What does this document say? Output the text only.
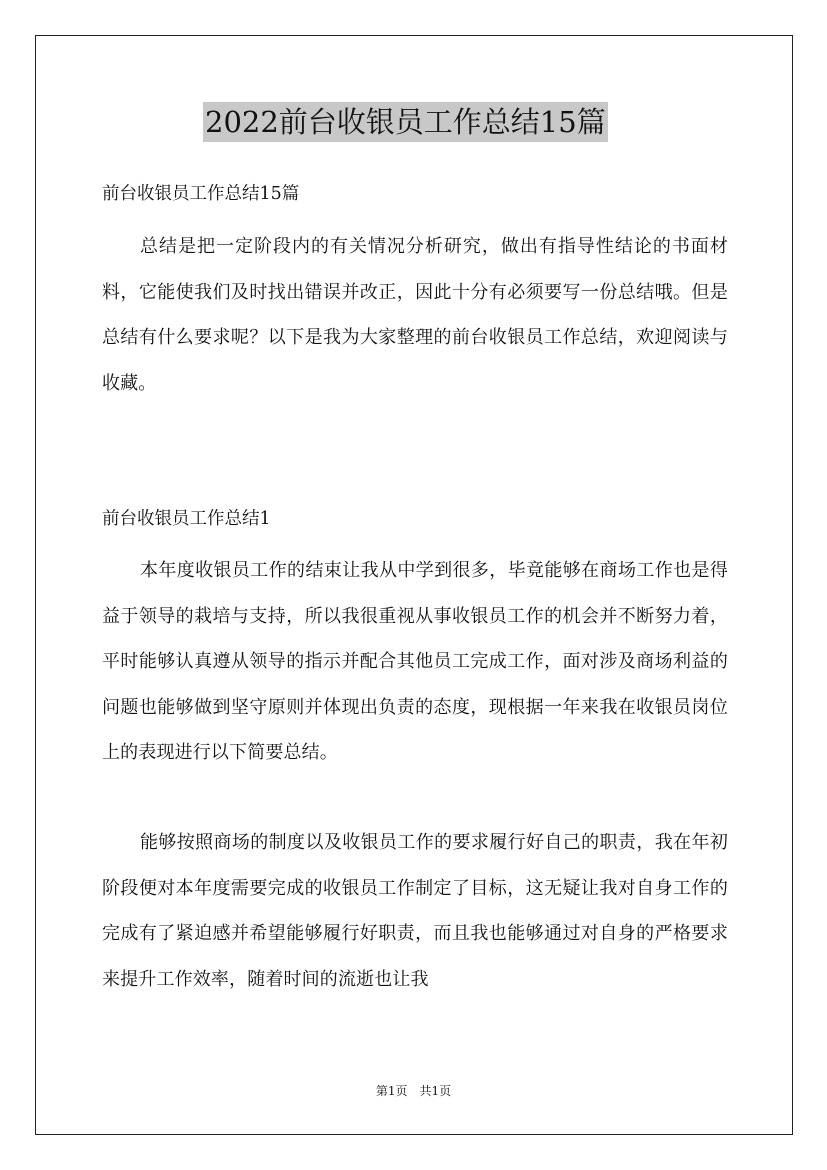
2022前台收银员工作总结15篇
前台收银员工作总结15篇
总结是把一定阶段内的有关情况分析研究，做出有指导性结论的书面材料，它能使我们及时找出错误并改正，因此十分有必须要写一份总结哦。但是总结有什么要求呢？以下是我为大家整理的前台收银员工作总结，欢迎阅读与收藏。
前台收银员工作总结1
本年度收银员工作的结束让我从中学到很多，毕竟能够在商场工作也是得益于领导的栽培与支持，所以我很重视从事收银员工作的机会并不断努力着，平时能够认真遵从领导的指示并配合其他员工完成工作，面对涉及商场利益的问题也能够做到坚守原则并体现出负责的态度，现根据一年来我在收银员岗位上的表现进行以下简要总结。
能够按照商场的制度以及收银员工作的要求履行好自己的职责，我在年初阶段便对本年度需要完成的收银员工作制定了目标，这无疑让我对自身工作的完成有了紧迫感并希望能够履行好职责，而且我也能够通过对自身的严格要求来提升工作效率，随着时间的流逝也让我
第1页　共1页
